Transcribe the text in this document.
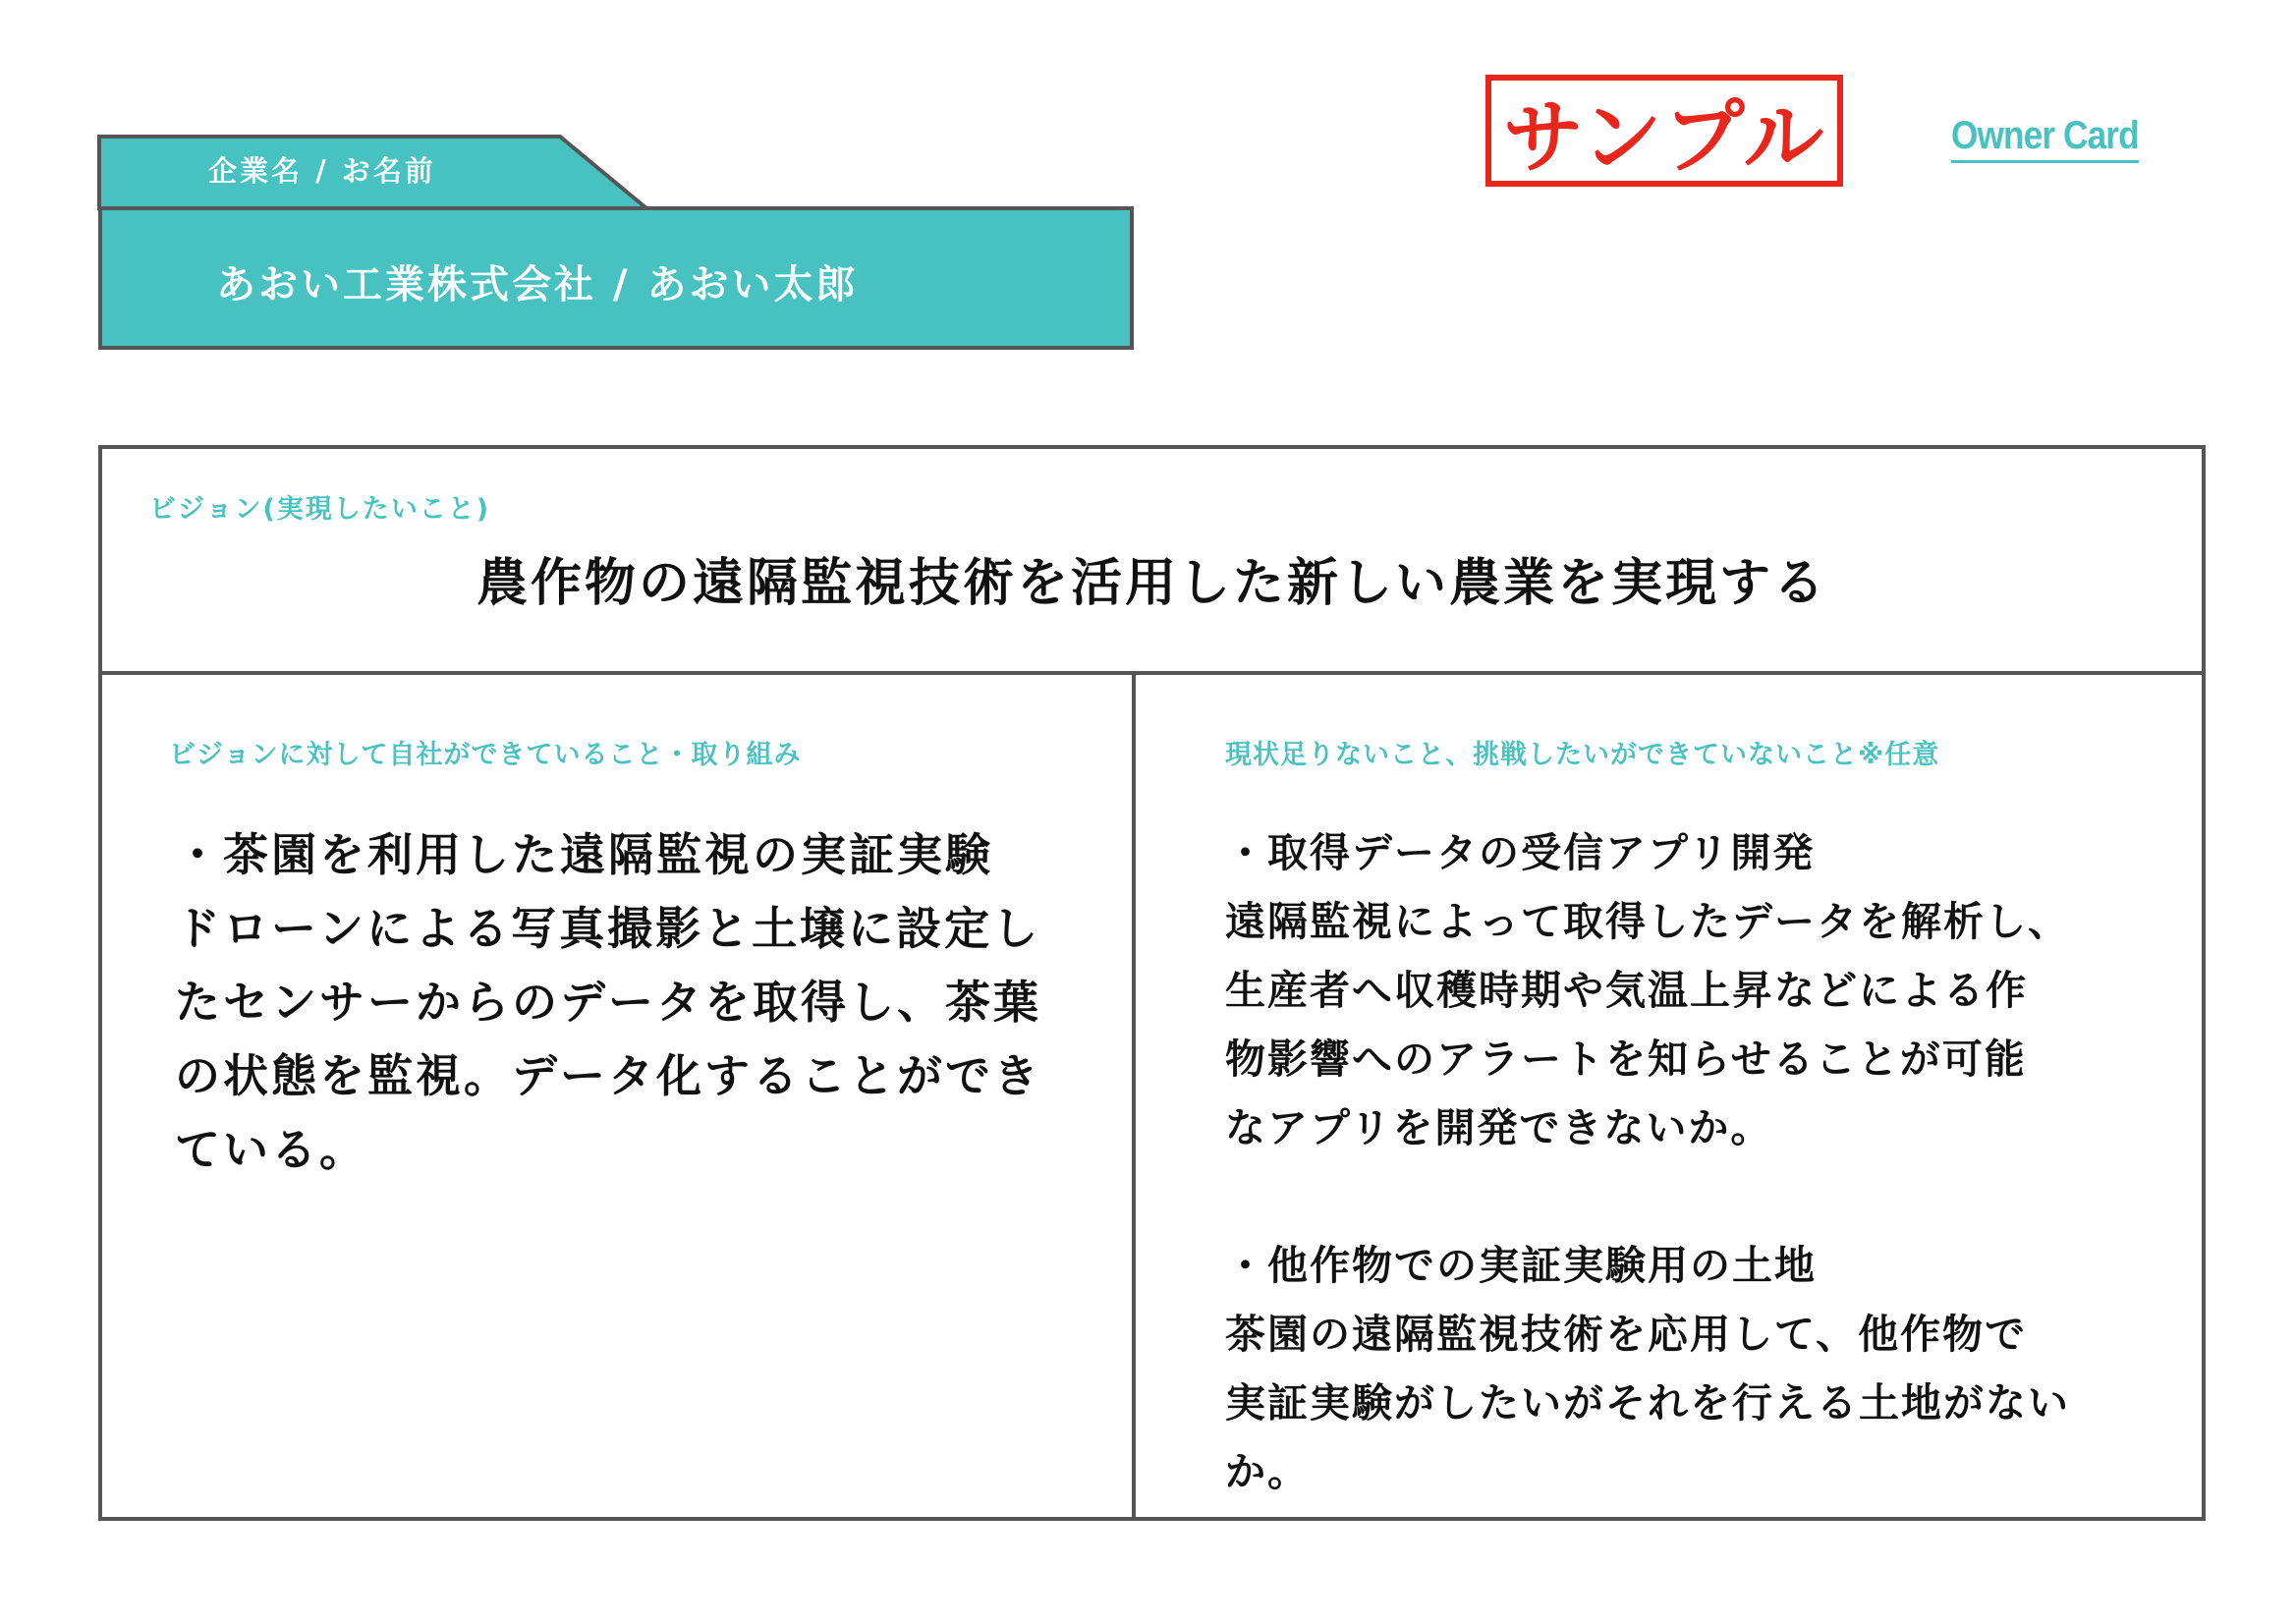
企業名 / お名前
あおい工業株式会社 / あおい太郎
サンプル	Owner Card
ビジョン(実現したいこと)
農作物の遠隔監視技術を活用した新しい農業を実現する
ビジョンに対して自社ができていること・取り組み
・茶園を利用した遠隔監視の実証実験
ドローンによる写真撮影と土壌に設定し
たセンサーからのデータを取得し、茶葉
の状態を監視。データ化することができ
ている。
現状足りないこと、挑戦したいができていないこと※任意
・取得データの受信アプリ開発
遠隔監視によって取得したデータを解析し、
生産者へ収穫時期や気温上昇などによる作
物影響へのアラートを知らせることが可能
なアプリを開発できないか。

・他作物での実証実験用の土地
茶園の遠隔監視技術を応用して、他作物で
実証実験がしたいがそれを行える土地がない
か。
